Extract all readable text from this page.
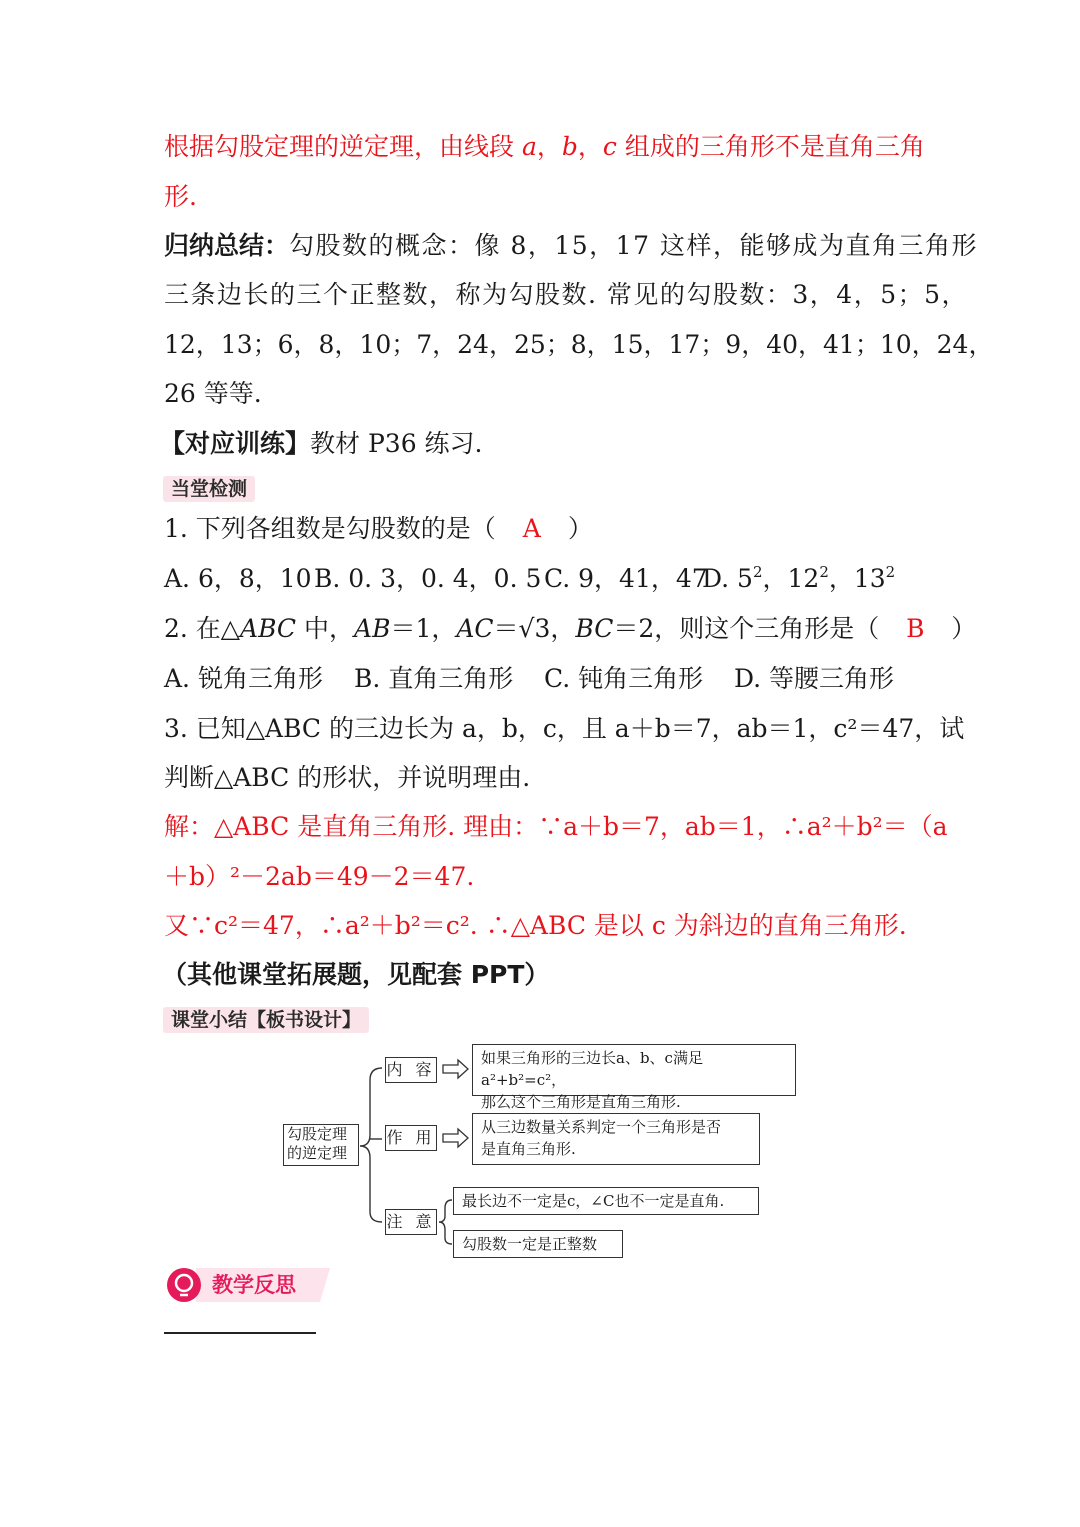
根据勾股定理的逆定理，由线段 a，b，c 组成的三角形不是直角三角
形.
归纳总结：勾股数的概念：像 8，15，17 这样，能够成为直角三角形
三条边长的三个正整数，称为勾股数. 常见的勾股数：3，4，5；5，
12，13；6，8，10；7，24，25；8，15，17；9，40，41；10，24，
26 等等.
【对应训练】教材 P36 练习.
当堂检测
1. 下列各组数是勾股数的是（ A ）
A. 6，8，10B. 0. 3，0. 4，0. 5 C. 9，41，47D. $5^2$，$12^2$，$13^2$
2. 在△ABC 中，AB＝1，AC＝√3，BC＝2，则这个三角形是（ B ）
A. 锐角三角形 B. 直角三角形 C. 钝角三角形 D. 等腰三角形
3. 已知△ABC 的三边长为 a，b，c，且 a＋b＝7，ab＝1，c²＝47，试
判断△ABC 的形状，并说明理由.
解：△ABC 是直角三角形. 理由：∵a＋b＝7，ab＝1，∴a²＋b²＝（a
＋b）²－2ab＝49－2＝47.
又∵c²＝47，∴a²＋b²＝c². ∴△ABC 是以 c 为斜边的直角三角形.
（其他课堂拓展题，见配套 PPT）
课堂小结【板书设计】
勾股定理
的逆定理
内 容
如果三角形的三边长a、b、c满足a²+b²=c²，
那么这个三角形是直角三角形.
作 用
从三边数量关系判定一个三角形是否
是直角三角形.
注 意
最长边不一定是c，∠C也不一定是直角.
勾股数一定是正整数
教学反思
